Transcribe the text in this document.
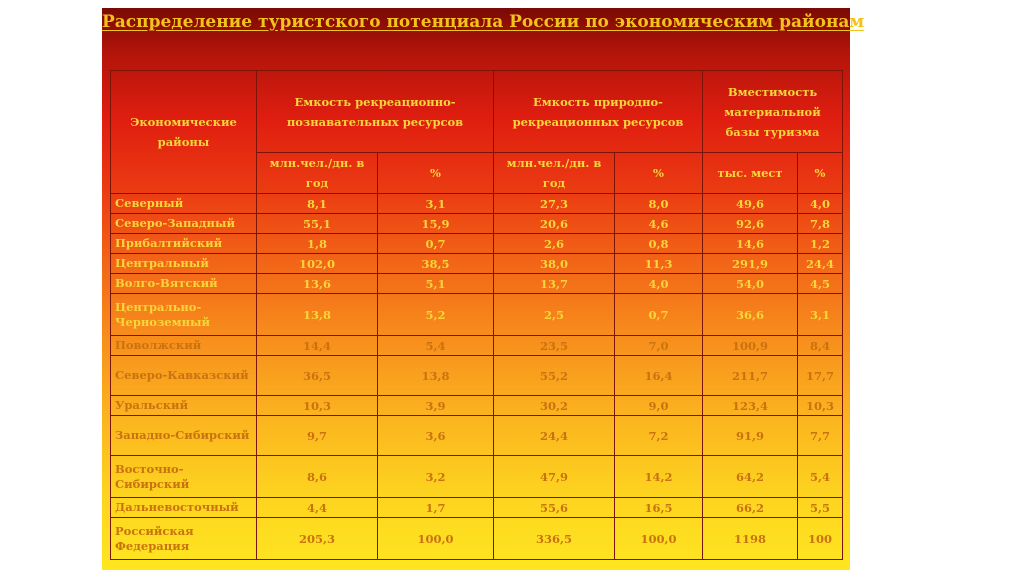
Распределение туристского потенциала России по экономическим районам
Экономические районы	Емкость рекреационно-познавательных ресурсов		Емкость природно-рекреационных ресурсов		Вместимость материальной базы туризма	
	млн.чел./дн. в год	%	млн.чел./дн. в год	%	тыс. мест	%
Северный	8,1	3,1	27,3	8,0	49,6	4,0
Северо-Западный	55,1	15,9	20,6	4,6	92,6	7,8
Прибалтийский	1,8	0,7	2,6	0,8	14,6	1,2
Центральный	102,0	38,5	38,0	11,3	291,9	24,4
Волго-Вятский	13,6	5,1	13,7	4,0	54,0	4,5
Центрально-Черноземный	13,8	5,2	2,5	0,7	36,6	3,1
Поволжский	14,4	5,4	23,5	7,0	100,9	8,4
Северо-Кавказский	36,5	13,8	55,2	16,4	211,7	17,7
Уральский	10,3	3,9	30,2	9,0	123,4	10,3
Западно-Сибирский	9,7	3,6	24,4	7,2	91,9	7,7
Восточно-Сибирский	8,6	3,2	47,9	14,2	64,2	5,4
Дальневосточный	4,4	1,7	55,6	16,5	66,2	5,5
Российская Федерация	205,3	100,0	336,5	100,0	1198	100
